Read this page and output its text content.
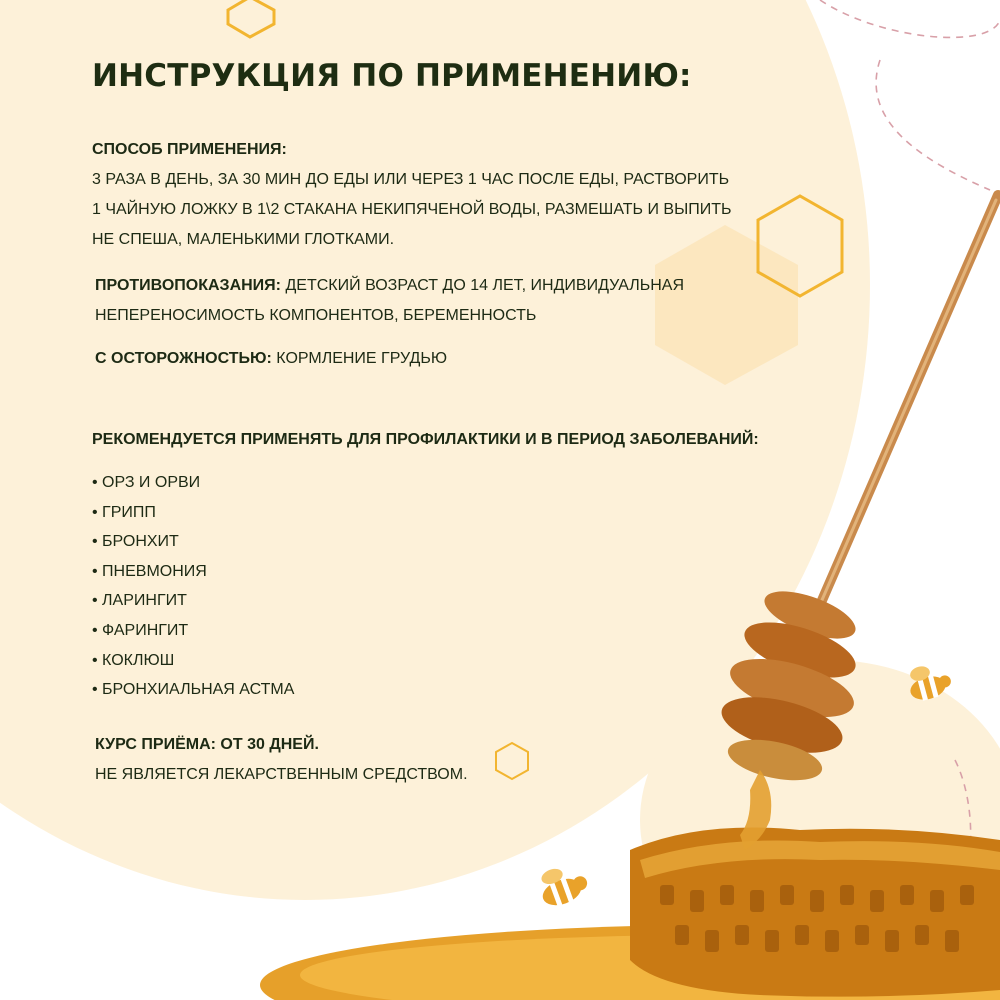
ИНСТРУКЦИЯ ПО ПРИМЕНЕНИЮ:
СПОСОБ ПРИМЕНЕНИЯ:
3 РАЗА В ДЕНЬ, ЗА 30 МИН ДО ЕДЫ ИЛИ ЧЕРЕЗ 1 ЧАС ПОСЛЕ ЕДЫ, РАСТВОРИТЬ
1 ЧАЙНУЮ ЛОЖКУ В 1\2 СТАКАНА НЕКИПЯЧЕНОЙ ВОДЫ, РАЗМЕШАТЬ И ВЫПИТЬ
НЕ СПЕША, МАЛЕНЬКИМИ ГЛОТКАМИ.
ПРОТИВОПОКАЗАНИЯ: ДЕТСКИЙ ВОЗРАСТ ДО 14 ЛЕТ, ИНДИВИДУАЛЬНАЯ
НЕПЕРЕНОСИМОСТЬ КОМПОНЕНТОВ, БЕРЕМЕННОСТЬ
С ОСТОРОЖНОСТЬЮ: КОРМЛЕНИЕ ГРУДЬЮ
РЕКОМЕНДУЕТСЯ ПРИМЕНЯТЬ ДЛЯ ПРОФИЛАКТИКИ И В ПЕРИОД ЗАБОЛЕВАНИЙ:
• ОРЗ И ОРВИ
• ГРИПП
• БРОНХИТ
• ПНЕВМОНИЯ
• ЛАРИНГИТ
• ФАРИНГИТ
• КОКЛЮШ
• БРОНХИАЛЬНАЯ АСТМА
КУРС ПРИЁМА: ОТ 30 ДНЕЙ.
НЕ ЯВЛЯЕТСЯ ЛЕКАРСТВЕННЫМ СРЕДСТВОМ.
